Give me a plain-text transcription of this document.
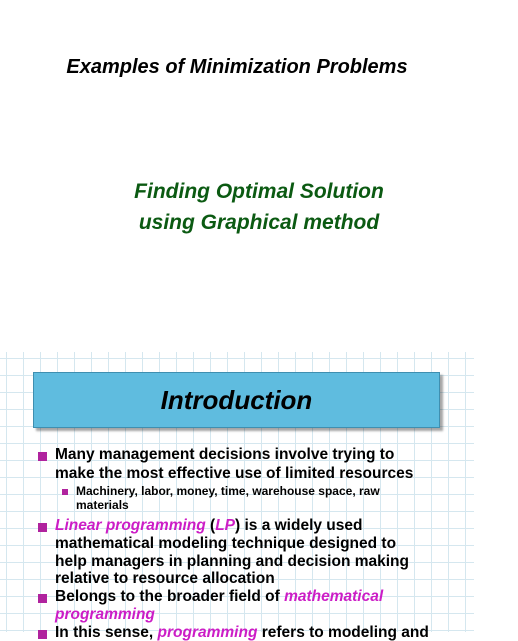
Examples of Minimization Problems
Finding Optimal Solution
using Graphical method
Introduction
Many management decisions involve trying to
make the most effective use of limited resources
Machinery, labor, money, time, warehouse space, raw
materials
Linear programming (LP) is a widely used
mathematical modeling technique designed to
help managers in planning and decision making
relative to resource allocation
Belongs to the broader field of mathematical
programming
In this sense, programming refers to modeling and
